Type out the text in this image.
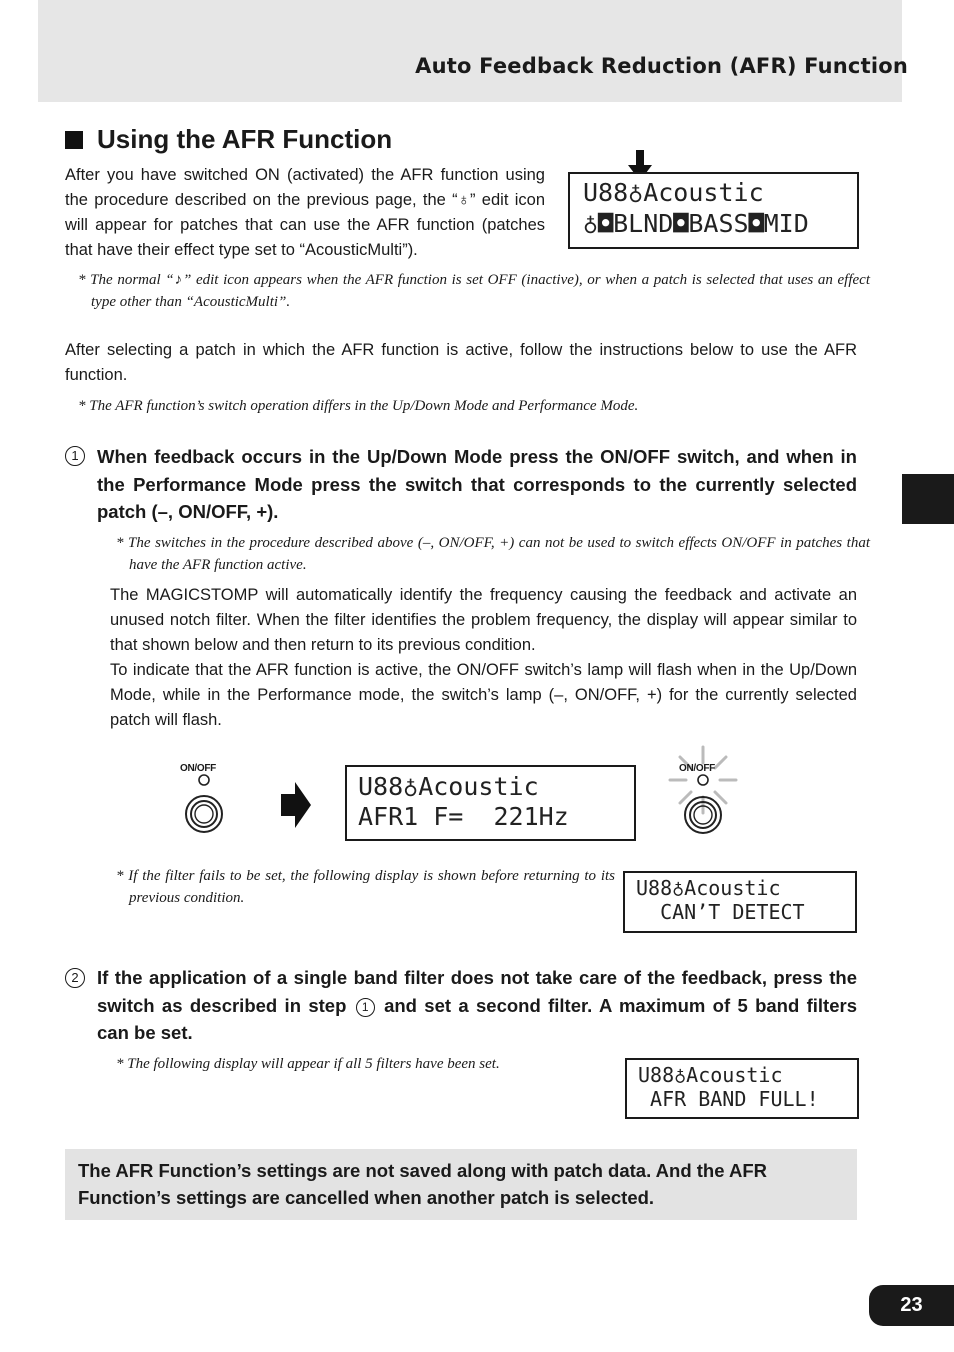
Auto Feedback Reduction (AFR) Function
Using the AFR Function
After you have switched ON (activated) the AFR function using the procedure described on the previous page, the “♁” edit icon will appear for patches that can use the AFR function (patches that have their effect type set to “AcousticMulti”).
U88♁Acoustic
♁◘BLND◘BASS◘MID
* The normal “♪” edit icon appears when the AFR function is set OFF (inactive), or when a patch is selected that uses an effect type other than “AcousticMulti”.
After selecting a patch in which the AFR function is active, follow the instructions below to use the AFR function.
* The AFR function’s switch operation differs in the Up/Down Mode and Performance Mode.
1 When feedback occurs in the Up/Down Mode press the ON/OFF switch, and when in the Performance Mode press the switch that corresponds to the currently selected patch (–, ON/OFF, +).
* The switches in the procedure described above (–, ON/OFF, +) can not be used to switch effects ON/OFF in patches that have the AFR function active.
The MAGICSTOMP will automatically identify the frequency causing the feedback and activate an unused notch filter. When the filter identifies the problem frequency, the display will appear similar to that shown below and then return to its previous condition.
To indicate that the AFR function is active, the ON/OFF switch’s lamp will flash when in the Up/Down Mode, while in the Performance mode, the switch’s lamp (–, ON/OFF, +) for the currently selected patch will flash.
ON/OFF
U88♁Acoustic
AFR1 F=  221Hz
ON/OFF
* If the filter fails to be set, the following display is shown before returning to its previous condition.	U88♁Acoustic
CAN’T DETECT
2 If the application of a single band filter does not take care of the feedback, press the switch as described in step 1 and set a second filter. A maximum of 5 band filters can be set.
* The following display will appear if all 5 filters have been set.	U88♁Acoustic
AFR BAND FULL!
The AFR Function’s settings are not saved along with patch data. And the AFR Function’s settings are cancelled when another patch is selected.
23
